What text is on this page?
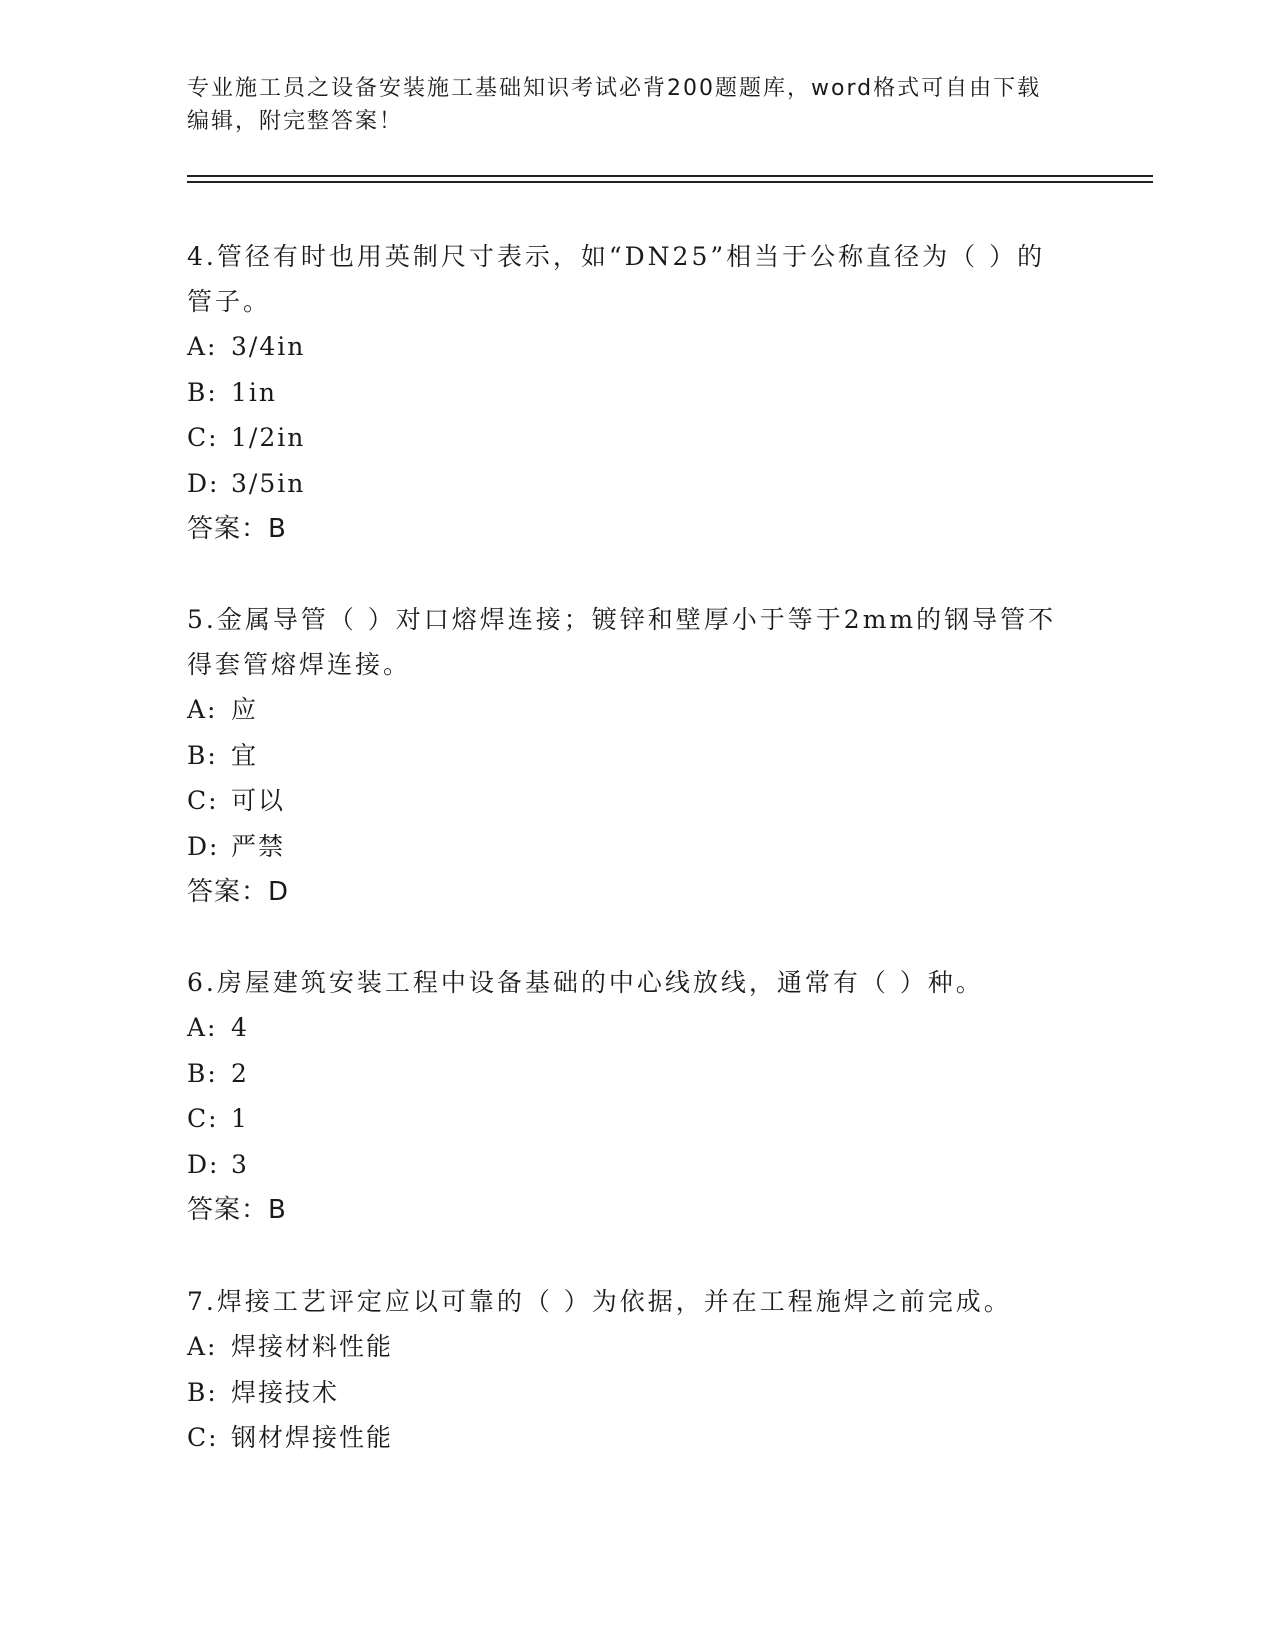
专业施工员之设备安装施工基础知识考试必背200题题库，word格式可自由下载
编辑，附完整答案！

4.管径有时也用英制尺寸表示，如“DN25”相当于公称直径为（ ）的

管子。

A: 3/4in

B: 1in

C: 1/2in

D: 3/5in

答案：B

5.金属导管（ ）对口熔焊连接；镀锌和壁厚小于等于2mm的钢导管不

得套管熔焊连接。

A: 应

B: 宜

C: 可以

D: 严禁

答案：D

6.房屋建筑安装工程中设备基础的中心线放线，通常有（ ）种。

A: 4

B: 2

C: 1

D: 3

答案：B

7.焊接工艺评定应以可靠的（ ）为依据，并在工程施焊之前完成。

A: 焊接材料性能

B: 焊接技术

C: 钢材焊接性能
